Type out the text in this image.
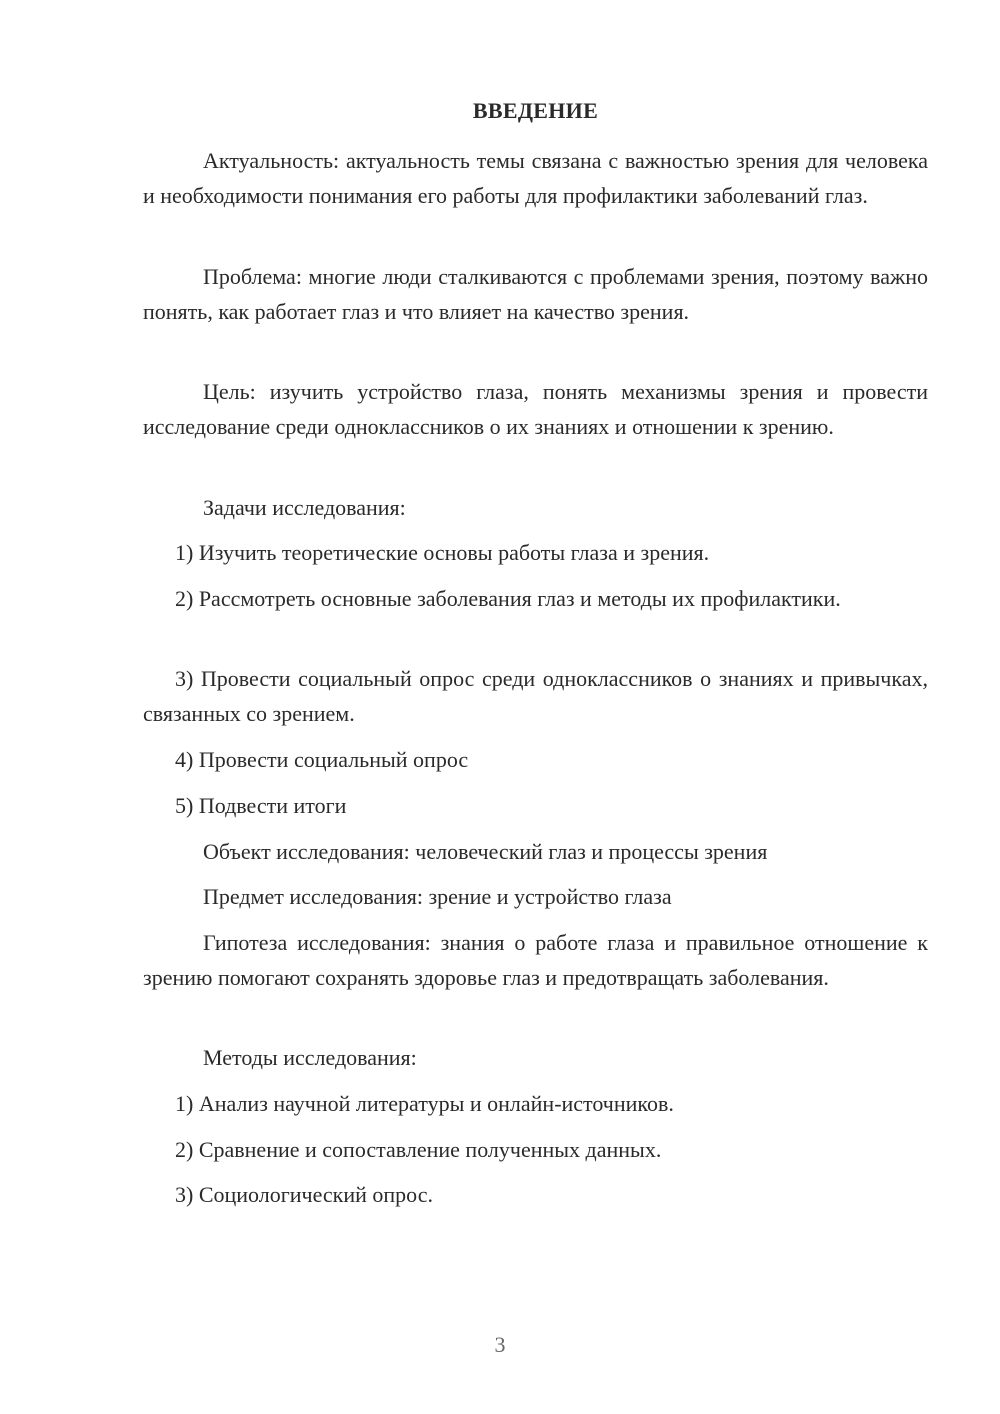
ВВЕДЕНИЕ
Актуальность: актуальность темы связана с важностью зрения для человека и необходимости понимания его работы для профилактики заболеваний глаз.
Проблема: многие люди сталкиваются с проблемами зрения, поэтому важно понять, как работает глаз и что влияет на качество зрения.
Цель: изучить устройство глаза, понять механизмы зрения и провести исследование среди одноклассников о их знаниях и отношении к зрению.
Задачи исследования:
1) Изучить теоретические основы работы глаза и зрения.
2) Рассмотреть основные заболевания глаз и методы их профилактики.
3) Провести социальный опрос среди одноклассников о знаниях и привычках, связанных со зрением.
4) Провести социальный опрос
5) Подвести итоги
Объект исследования: человеческий глаз и процессы зрения
Предмет исследования: зрение и устройство глаза
Гипотеза исследования: знания о работе глаза и правильное отношение к зрению помогают сохранять здоровье глаз и предотвращать заболевания.
Методы исследования:
1) Анализ научной литературы и онлайн-источников.
2) Сравнение и сопоставление полученных данных.
3) Социологический опрос.
3
